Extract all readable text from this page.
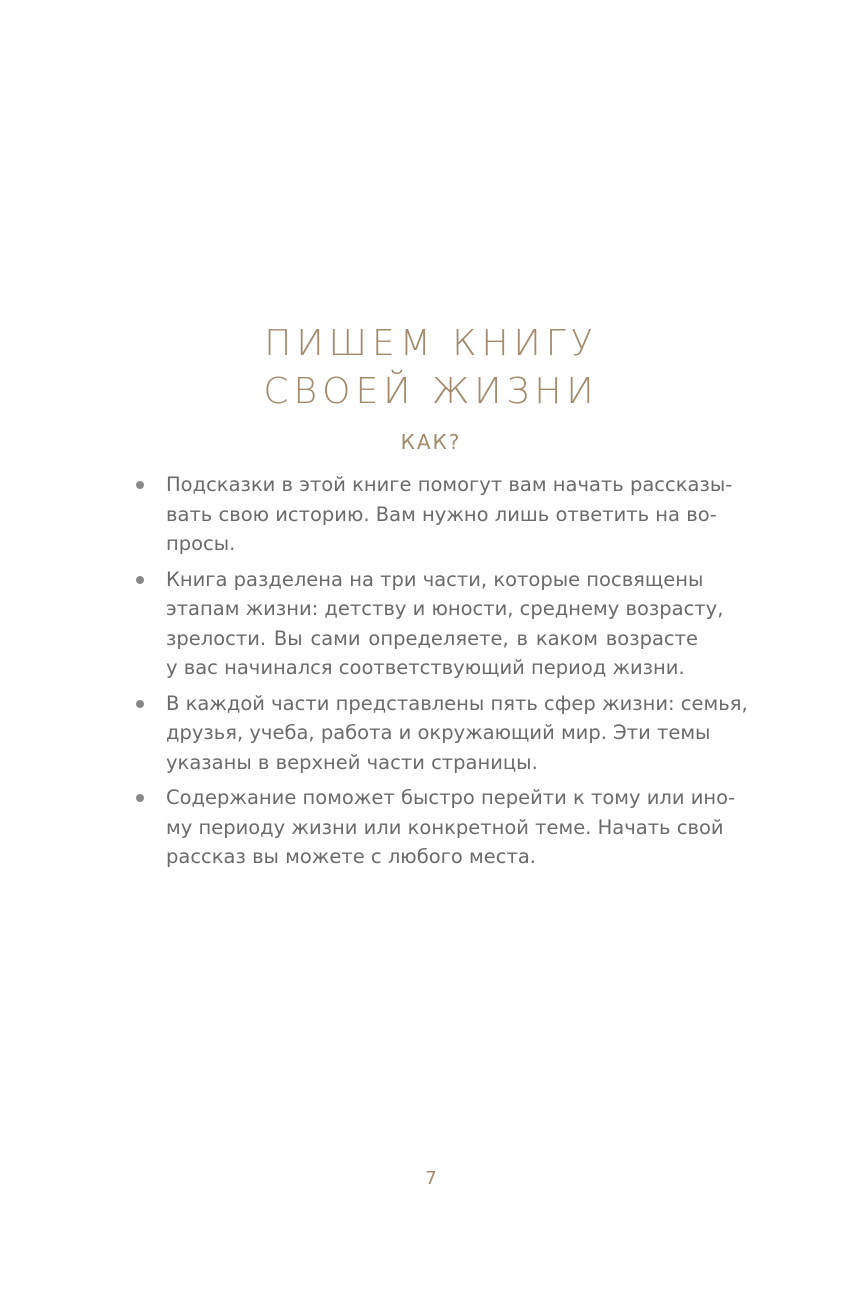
ПИШЕМ КНИГУ
СВОЕЙ ЖИЗНИ
КАК?
Подсказки в этой книге помогут вам начать рассказы-
вать свою историю. Вам нужно лишь ответить на во-
просы.
Книга разделена на три части, которые посвящены
этапам жизни: детству и юности, среднему возрасту,
зрелости. Вы сами определяете, в каком возрасте
у вас начинался соответствующий период жизни.
В каждой части представлены пять сфер жизни: семья,
друзья, учеба, работа и окружающий мир. Эти темы
указаны в верхней части страницы.
Содержание поможет быстро перейти к тому или ино-
му периоду жизни или конкретной теме. Начать свой
рассказ вы можете с любого места.
7
